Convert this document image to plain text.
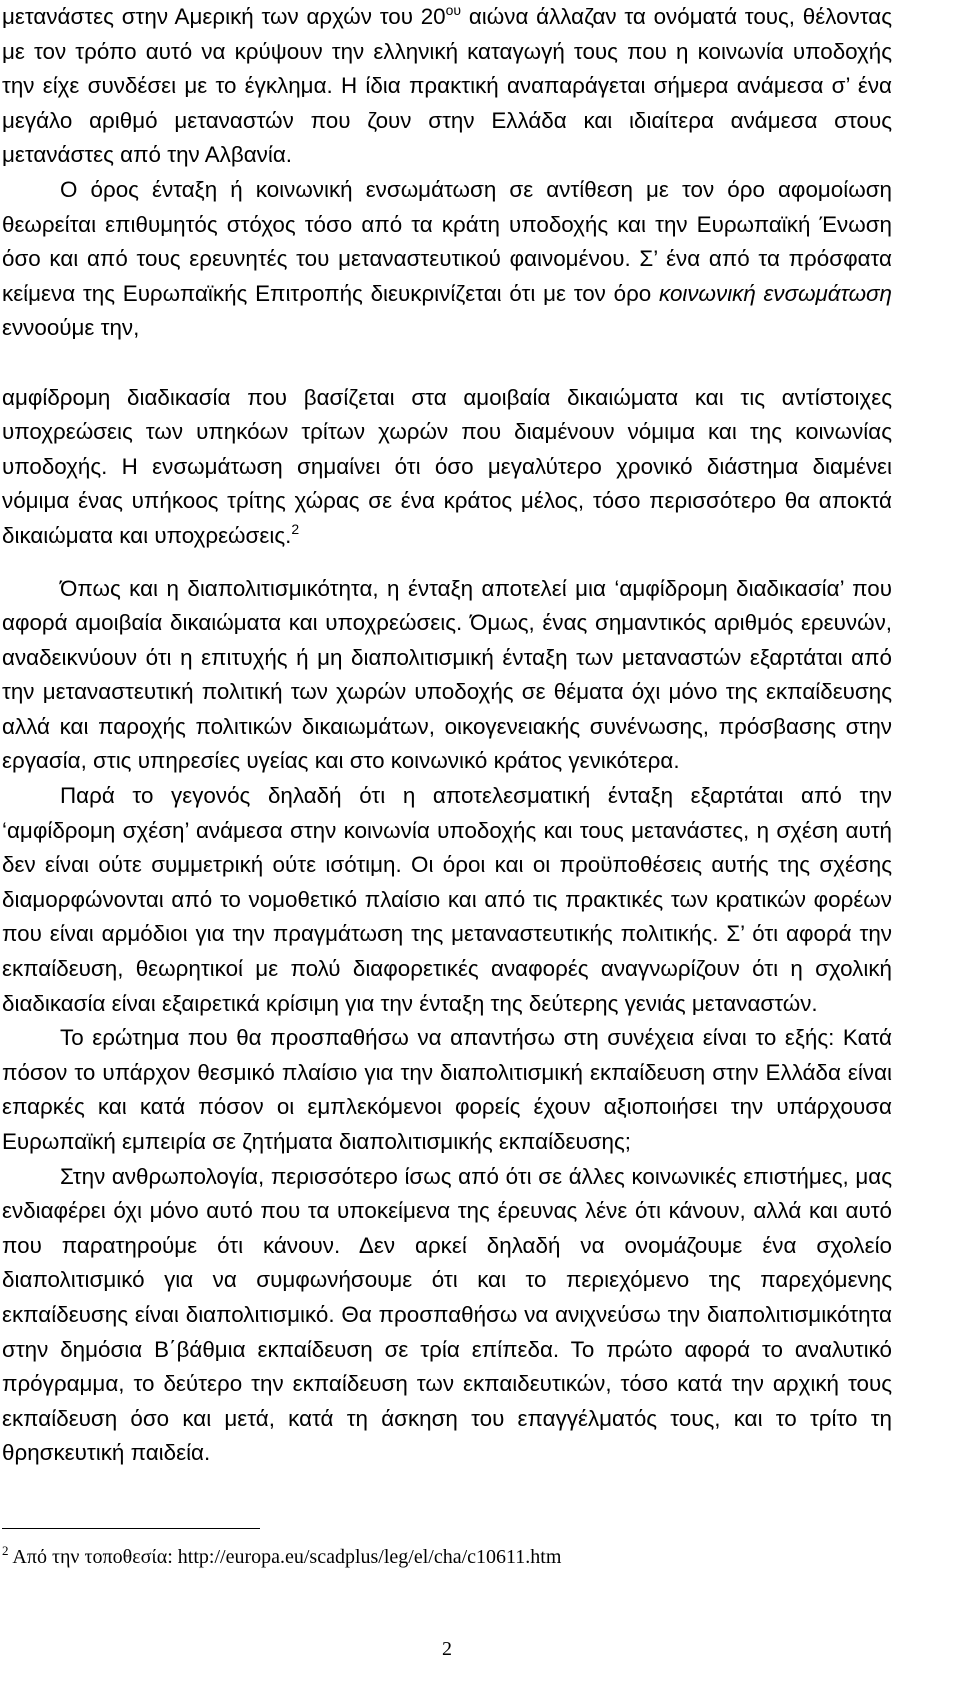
μετανάστες στην Αμερική των αρχών του $20^{o\upsilon}$ αιώνα άλλαζαν τα ονόματά τους, θέλοντας με τον τρόπο αυτό να κρύψουν την ελληνική καταγωγή τους που η κοινωνία υποδοχής την είχε συνδέσει με το έγκλημα. Η ίδια πρακτική αναπαράγεται σήμερα ανάμεσα σ’ ένα μεγάλο αριθμό μεταναστών που ζουν στην Ελλάδα και ιδιαίτερα ανάμεσα στους μετανάστες από την Αλβανία.

Ο όρος ένταξη ή κοινωνική ενσωμάτωση σε αντίθεση με τον όρο αφομοίωση θεωρείται επιθυμητός στόχος τόσο από τα κράτη υποδοχής και την Ευρωπαϊκή Ένωση όσο και από τους ερευνητές του μεταναστευτικού φαινομένου. Σ’ ένα από τα πρόσφατα κείμενα της Ευρωπαϊκής Επιτροπής διευκρινίζεται ότι με τον όρο κοινωνική ενσωμάτωση εννοούμε την,

αμφίδρομη διαδικασία που βασίζεται στα αμοιβαία δικαιώματα και τις αντίστοιχες υποχρεώσεις των υπηκόων τρίτων χωρών που διαμένουν νόμιμα και της κοινωνίας υποδοχής. Η ενσωμάτωση σημαίνει ότι όσο μεγαλύτερο χρονικό διάστημα διαμένει νόμιμα ένας υπήκοος τρίτης χώρας σε ένα κράτος μέλος, τόσο περισσότερο θα αποκτά δικαιώματα και υποχρεώσεις.$^2$

Όπως και η διαπολιτισμικότητα, η ένταξη αποτελεί μια ‘αμφίδρομη διαδικασία’ που αφορά αμοιβαία δικαιώματα και υποχρεώσεις. Όμως, ένας σημαντικός αριθμός ερευνών, αναδεικνύουν ότι η επιτυχής ή μη διαπολιτισμική ένταξη των μεταναστών εξαρτάται από την μεταναστευτική πολιτική των χωρών υποδοχής σε θέματα όχι μόνο της εκπαίδευσης αλλά και παροχής πολιτικών δικαιωμάτων, οικογενειακής συνένωσης, πρόσβασης στην εργασία, στις υπηρεσίες υγείας και στο κοινωνικό κράτος γενικότερα.

Παρά το γεγονός δηλαδή ότι η αποτελεσματική ένταξη εξαρτάται από την ‘αμφίδρομη σχέση’ ανάμεσα στην κοινωνία υποδοχής και τους μετανάστες, η σχέση αυτή δεν είναι ούτε συμμετρική ούτε ισότιμη. Οι όροι και οι προϋποθέσεις αυτής της σχέσης διαμορφώνονται από το νομοθετικό πλαίσιο και από τις πρακτικές των κρατικών φορέων που είναι αρμόδιοι για την πραγμάτωση της μεταναστευτικής πολιτικής. Σ’ ότι αφορά την εκπαίδευση, θεωρητικοί με πολύ διαφορετικές αναφορές αναγνωρίζουν ότι η σχολική διαδικασία είναι εξαιρετικά κρίσιμη για την ένταξη της δεύτερης γενιάς μεταναστών.

Το ερώτημα που θα προσπαθήσω να απαντήσω στη συνέχεια είναι το εξής: Κατά πόσον το υπάρχον θεσμικό πλαίσιο για την διαπολιτισμική εκπαίδευση στην Ελλάδα είναι επαρκές και κατά πόσον οι εμπλεκόμενοι φορείς έχουν αξιοποιήσει την υπάρχουσα Ευρωπαϊκή εμπειρία σε ζητήματα διαπολιτισμικής εκπαίδευσης;

Στην ανθρωπολογία, περισσότερο ίσως από ότι σε άλλες κοινωνικές επιστήμες, μας ενδιαφέρει όχι μόνο αυτό που τα υποκείμενα της έρευνας λένε ότι κάνουν, αλλά και αυτό που παρατηρούμε ότι κάνουν. Δεν αρκεί δηλαδή να ονομάζουμε ένα σχολείο διαπολιτισμικό για να συμφωνήσουμε ότι και το περιεχόμενο της παρεχόμενης εκπαίδευσης είναι διαπολιτισμικό. Θα προσπαθήσω να ανιχνεύσω την διαπολιτισμικότητα στην δημόσια Β΄βάθμια εκπαίδευση σε τρία επίπεδα. Το πρώτο αφορά το αναλυτικό πρόγραμμα, το δεύτερο την εκπαίδευση των εκπαιδευτικών, τόσο κατά την αρχική τους εκπαίδευση όσο και μετά, κατά τη άσκηση του επαγγέλματός τους, και το τρίτο τη θρησκευτική παιδεία.

$^2$ Από την τοποθεσία: http://europa.eu/scadplus/leg/el/cha/c10611.htm
2
